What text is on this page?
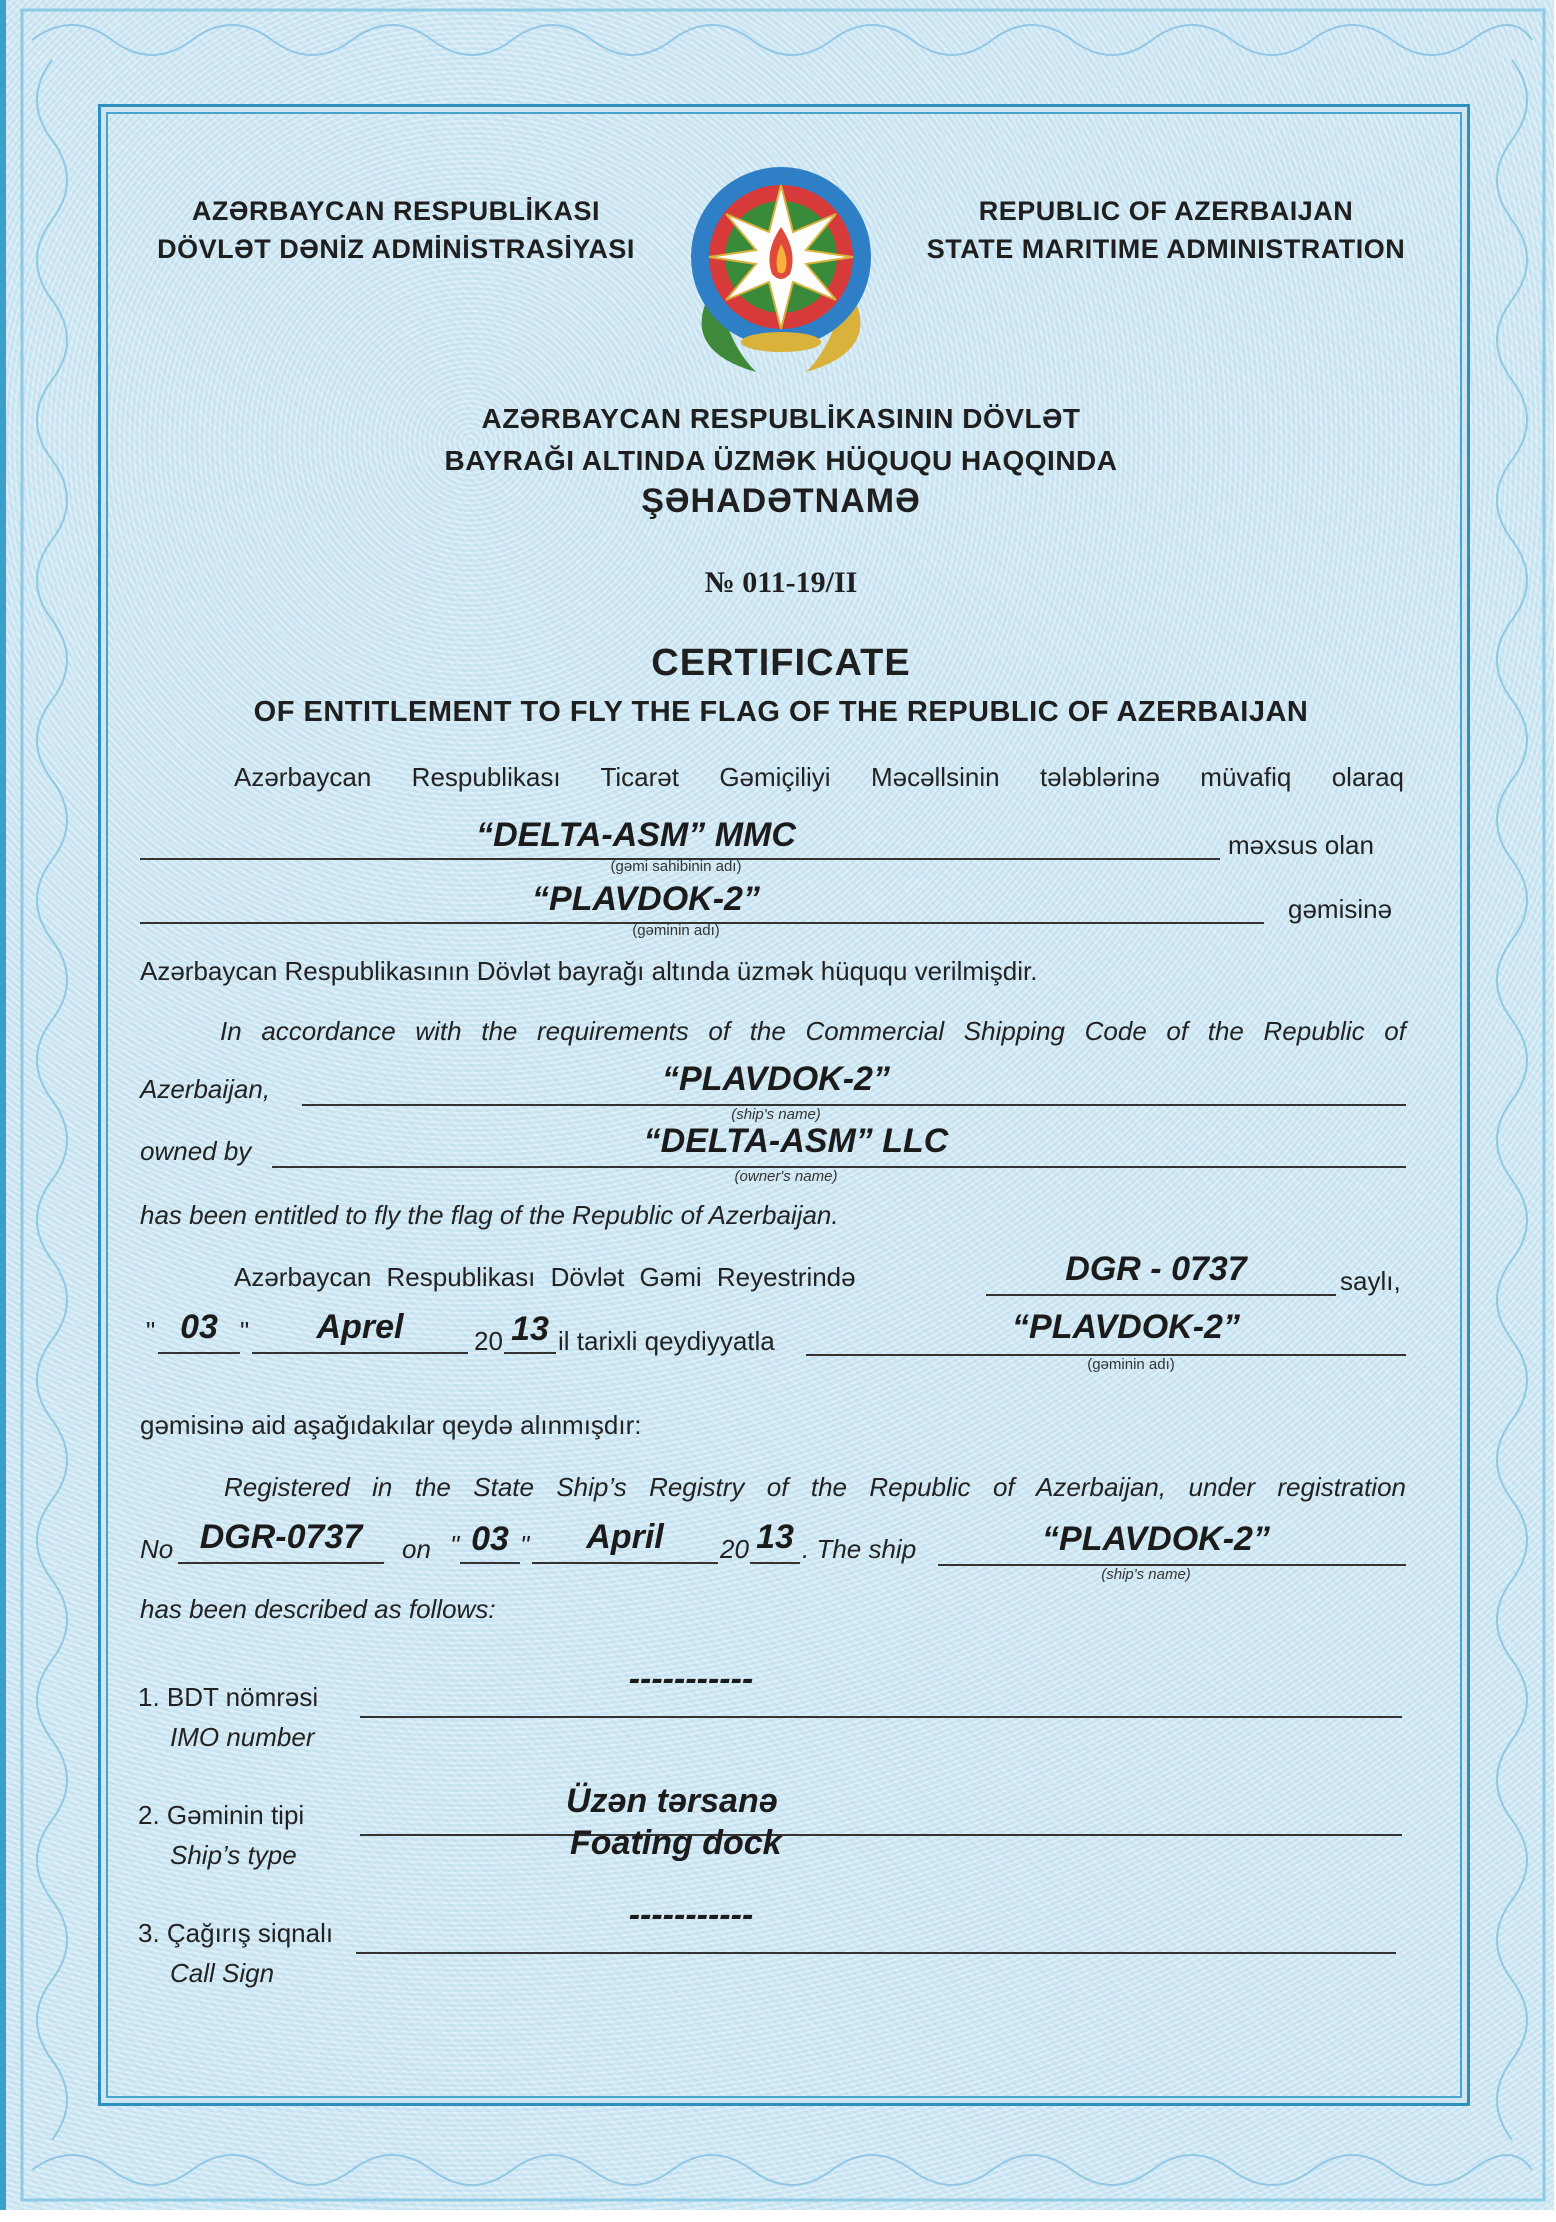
AZƏRBAYCAN RESPUBLİKASI
DÖVLƏT DƏNİZ ADMİNİSTRASİYASI
REPUBLIC OF AZERBAIJAN
STATE MARITIME ADMINISTRATION
AZƏRBAYCAN RESPUBLİKASININ DÖVLƏT
BAYRAĞI ALTINDA ÜZMƏK HÜQUQU HAQQINDA
ŞƏHADƏTNAMƏ
№ 011-19/II
CERTIFICATE
OF ENTITLEMENT TO FLY THE FLAG OF THE REPUBLIC OF AZERBAIJAN
Azərbaycan Respublikası Ticarət Gəmiçiliyi Məcəllsinin tələblərinə müvafiq olaraq
“DELTA-ASM” MMC
(gəmi sahibinin adı)
məxsus olan
“PLAVDOK-2”
(gəminin adı)
gəmisinə
Azərbaycan Respublikasının Dövlət bayrağı altında üzmək hüququ verilmişdir.
In accordance with the requirements of the Commercial Shipping Code of the Republic of
Azerbaijan,	“PLAVDOK-2”
(ship's name)
owned by	“DELTA-ASM” LLC
(owner's name)
has been entitled to fly the flag of the Republic of Azerbaijan.
Azərbaycan Respublikası Dövlət Gəmi Reyestrində	DGR - 0737	saylı,
" 03 "	Aprel	20 13 il tarixli qeydiyyatla	“PLAVDOK-2”
(gəminin adı)
gəmisinə aid aşağıdakılar qeydə alınmışdır:
Registered in the State Ship’s Registry of the Republic of Azerbaijan, under registration
No DGR-0737	on " 03 "	April	20 13 . The ship	“PLAVDOK-2”
(ship's name)
has been described as follows:
1. BDT nömrəsi
IMO number
-----------
2. Gəminin tipi
Ship’s type
Üzən tərsanə
Foating dock
3. Çağırış siqnalı
Call Sign
-----------
